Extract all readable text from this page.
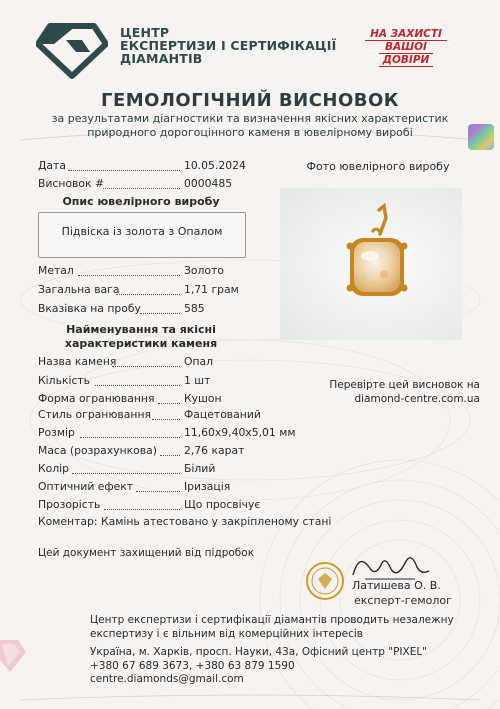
ЦЕНТР
ЕКСПЕРТИЗИ І СЕРТИФІКАЦІЇ
ДІАМАНТІВ
НА ЗАХИСТІ
ВАШОЇ
ДОВІРИ
ГЕМОЛОГІЧНИЙ ВИСНОВОК
за результатами діагностики та визначення якісних характеристик
природного дорогоцінного каменя в ювелірному виробі
Дата	10.05.2024
Висновок #	0000485
Опис ювелірного виробу
Підвіска із золота з Опалом
Метал	Золото
Загальна вага	1,71 грам
Вказівка на пробу	585
Найменування та якісні
характеристики каменя
Назва каменя	Опал
Кількість	1 шт
Форма огранювання	Кушон
Стиль огранювання	Фацетований
Розмір	11,60x9,40x5,01 мм
Маса (розрахункова)	2,76 карат
Колір	Білий
Оптичний ефект	Іризація
Прозорість	Що просвічує
Коментар: Камінь атестовано у закріпленому стані
Фото ювелірного виробу
Перевірте цей висновок на
diamond-centre.com.ua
Цей документ захищений від підробок
Латишева О. В.
експерт-гемолог
Центр експертизи і сертифікації діамантів проводить незалежну
експертизу і є вільним від комерційних інтересів
Україна, м. Харків, просп. Науки, 43а, Офісний центр "PIXEL"
+380 67 689 3673, +380 63 879 1590
centre.diamonds@gmail.com
